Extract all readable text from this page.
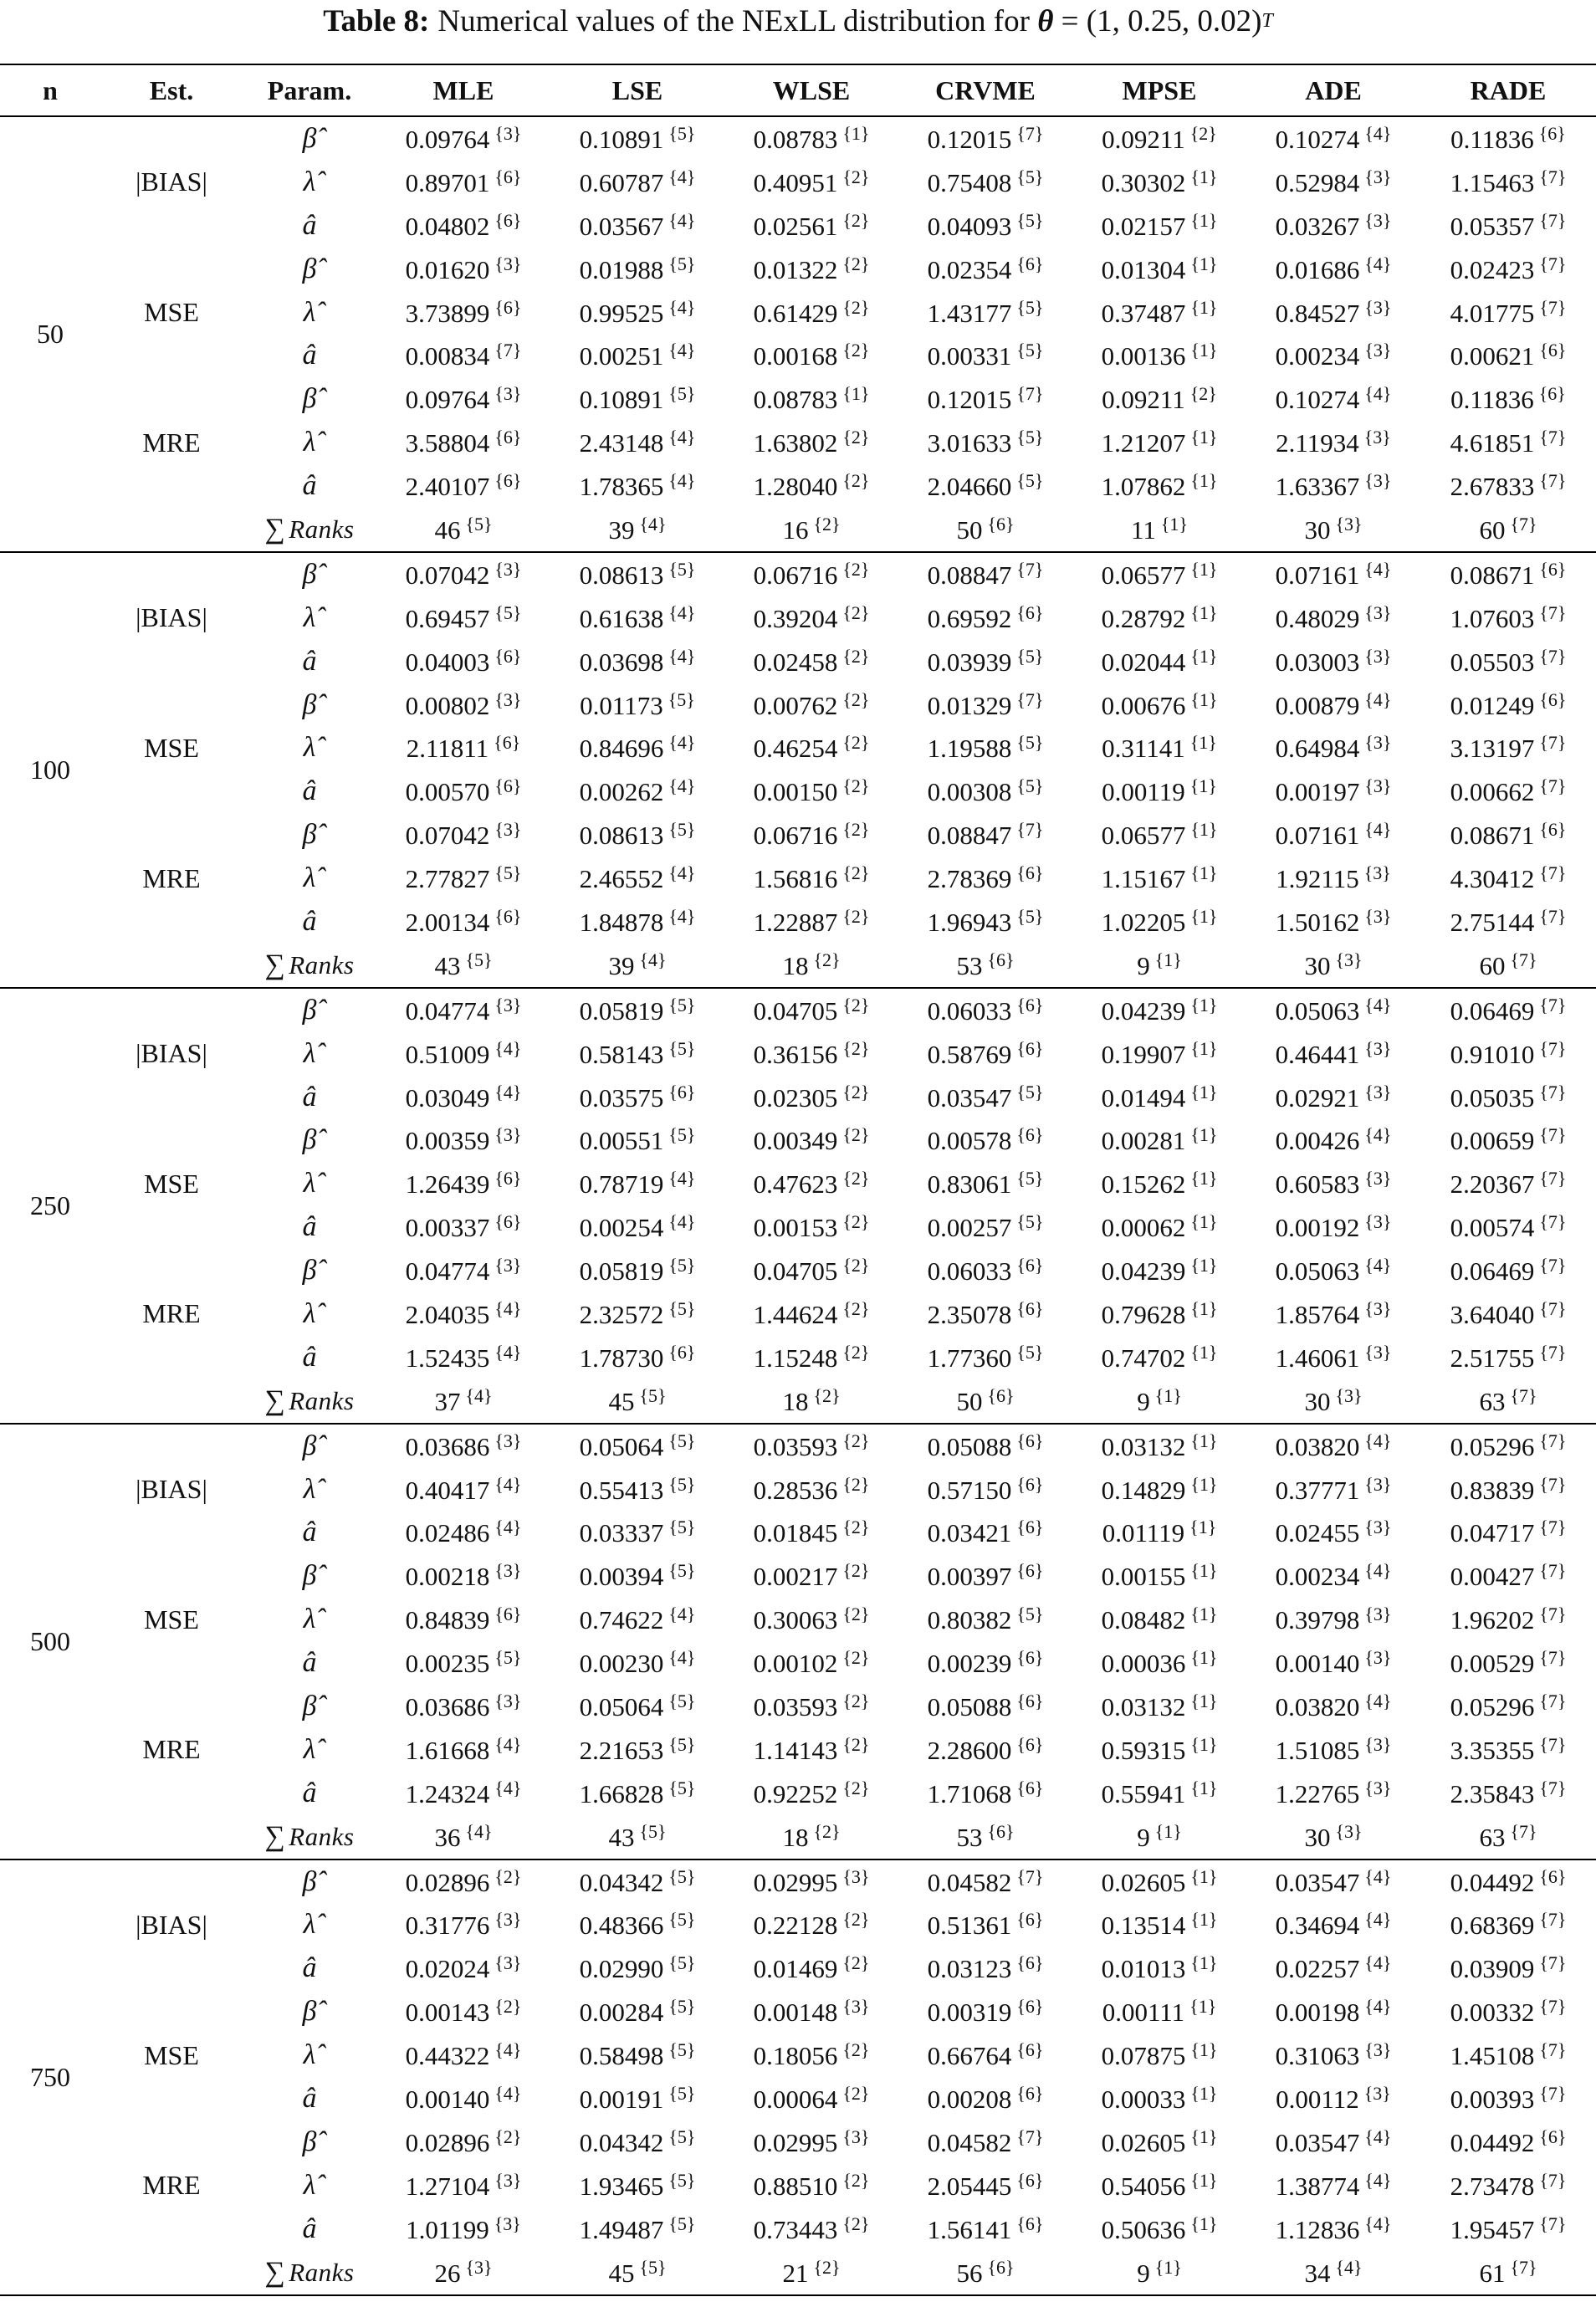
Table 8: Numerical values of the NExLL distribution for
θ
= (1, 0.25, 0.02) T
n	Est.	Param.	MLE	LSE	WLSE	CRVME	MPSE	ADE	RADE
50	|BIAS|	β̂	0.09764 $^{\{3\}}$	0.10891 $^{\{5\}}$	0.08783 $^{\{1\}}$	0.12015 $^{\{7\}}$	0.09211 $^{\{2\}}$	0.10274 $^{\{4\}}$	0.11836 $^{\{6\}}$
		λ̂	0.89701 $^{\{6\}}$	0.60787 $^{\{4\}}$	0.40951 $^{\{2\}}$	0.75408 $^{\{5\}}$	0.30302 $^{\{1\}}$	0.52984 $^{\{3\}}$	1.15463 $^{\{7\}}$
		â	0.04802 $^{\{6\}}$	0.03567 $^{\{4\}}$	0.02561 $^{\{2\}}$	0.04093 $^{\{5\}}$	0.02157 $^{\{1\}}$	0.03267 $^{\{3\}}$	0.05357 $^{\{7\}}$
	MSE	β̂	0.01620 $^{\{3\}}$	0.01988 $^{\{5\}}$	0.01322 $^{\{2\}}$	0.02354 $^{\{6\}}$	0.01304 $^{\{1\}}$	0.01686 $^{\{4\}}$	0.02423 $^{\{7\}}$
		λ̂	3.73899 $^{\{6\}}$	0.99525 $^{\{4\}}$	0.61429 $^{\{2\}}$	1.43177 $^{\{5\}}$	0.37487 $^{\{1\}}$	0.84527 $^{\{3\}}$	4.01775 $^{\{7\}}$
		â	0.00834 $^{\{7\}}$	0.00251 $^{\{4\}}$	0.00168 $^{\{2\}}$	0.00331 $^{\{5\}}$	0.00136 $^{\{1\}}$	0.00234 $^{\{3\}}$	0.00621 $^{\{6\}}$
	MRE	β̂	0.09764 $^{\{3\}}$	0.10891 $^{\{5\}}$	0.08783 $^{\{1\}}$	0.12015 $^{\{7\}}$	0.09211 $^{\{2\}}$	0.10274 $^{\{4\}}$	0.11836 $^{\{6\}}$
		λ̂	3.58804 $^{\{6\}}$	2.43148 $^{\{4\}}$	1.63802 $^{\{2\}}$	3.01633 $^{\{5\}}$	1.21207 $^{\{1\}}$	2.11934 $^{\{3\}}$	4.61851 $^{\{7\}}$
		â	2.40107 $^{\{6\}}$	1.78365 $^{\{4\}}$	1.28040 $^{\{2\}}$	2.04660 $^{\{5\}}$	1.07862 $^{\{1\}}$	1.63367 $^{\{3\}}$	2.67833 $^{\{7\}}$
		∑ Ranks	46 $^{\{5\}}$	39 $^{\{4\}}$	16 $^{\{2\}}$	50 $^{\{6\}}$	11 $^{\{1\}}$	30 $^{\{3\}}$	60 $^{\{7\}}$
100	|BIAS|	β̂	0.07042 $^{\{3\}}$	0.08613 $^{\{5\}}$	0.06716 $^{\{2\}}$	0.08847 $^{\{7\}}$	0.06577 $^{\{1\}}$	0.07161 $^{\{4\}}$	0.08671 $^{\{6\}}$
		λ̂	0.69457 $^{\{5\}}$	0.61638 $^{\{4\}}$	0.39204 $^{\{2\}}$	0.69592 $^{\{6\}}$	0.28792 $^{\{1\}}$	0.48029 $^{\{3\}}$	1.07603 $^{\{7\}}$
		â	0.04003 $^{\{6\}}$	0.03698 $^{\{4\}}$	0.02458 $^{\{2\}}$	0.03939 $^{\{5\}}$	0.02044 $^{\{1\}}$	0.03003 $^{\{3\}}$	0.05503 $^{\{7\}}$
	MSE	β̂	0.00802 $^{\{3\}}$	0.01173 $^{\{5\}}$	0.00762 $^{\{2\}}$	0.01329 $^{\{7\}}$	0.00676 $^{\{1\}}$	0.00879 $^{\{4\}}$	0.01249 $^{\{6\}}$
		λ̂	2.11811 $^{\{6\}}$	0.84696 $^{\{4\}}$	0.46254 $^{\{2\}}$	1.19588 $^{\{5\}}$	0.31141 $^{\{1\}}$	0.64984 $^{\{3\}}$	3.13197 $^{\{7\}}$
		â	0.00570 $^{\{6\}}$	0.00262 $^{\{4\}}$	0.00150 $^{\{2\}}$	0.00308 $^{\{5\}}$	0.00119 $^{\{1\}}$	0.00197 $^{\{3\}}$	0.00662 $^{\{7\}}$
	MRE	β̂	0.07042 $^{\{3\}}$	0.08613 $^{\{5\}}$	0.06716 $^{\{2\}}$	0.08847 $^{\{7\}}$	0.06577 $^{\{1\}}$	0.07161 $^{\{4\}}$	0.08671 $^{\{6\}}$
		λ̂	2.77827 $^{\{5\}}$	2.46552 $^{\{4\}}$	1.56816 $^{\{2\}}$	2.78369 $^{\{6\}}$	1.15167 $^{\{1\}}$	1.92115 $^{\{3\}}$	4.30412 $^{\{7\}}$
		â	2.00134 $^{\{6\}}$	1.84878 $^{\{4\}}$	1.22887 $^{\{2\}}$	1.96943 $^{\{5\}}$	1.02205 $^{\{1\}}$	1.50162 $^{\{3\}}$	2.75144 $^{\{7\}}$
		∑ Ranks	43 $^{\{5\}}$	39 $^{\{4\}}$	18 $^{\{2\}}$	53 $^{\{6\}}$	9 $^{\{1\}}$	30 $^{\{3\}}$	60 $^{\{7\}}$
250	|BIAS|	β̂	0.04774 $^{\{3\}}$	0.05819 $^{\{5\}}$	0.04705 $^{\{2\}}$	0.06033 $^{\{6\}}$	0.04239 $^{\{1\}}$	0.05063 $^{\{4\}}$	0.06469 $^{\{7\}}$
		λ̂	0.51009 $^{\{4\}}$	0.58143 $^{\{5\}}$	0.36156 $^{\{2\}}$	0.58769 $^{\{6\}}$	0.19907 $^{\{1\}}$	0.46441 $^{\{3\}}$	0.91010 $^{\{7\}}$
		â	0.03049 $^{\{4\}}$	0.03575 $^{\{6\}}$	0.02305 $^{\{2\}}$	0.03547 $^{\{5\}}$	0.01494 $^{\{1\}}$	0.02921 $^{\{3\}}$	0.05035 $^{\{7\}}$
	MSE	β̂	0.00359 $^{\{3\}}$	0.00551 $^{\{5\}}$	0.00349 $^{\{2\}}$	0.00578 $^{\{6\}}$	0.00281 $^{\{1\}}$	0.00426 $^{\{4\}}$	0.00659 $^{\{7\}}$
		λ̂	1.26439 $^{\{6\}}$	0.78719 $^{\{4\}}$	0.47623 $^{\{2\}}$	0.83061 $^{\{5\}}$	0.15262 $^{\{1\}}$	0.60583 $^{\{3\}}$	2.20367 $^{\{7\}}$
		â	0.00337 $^{\{6\}}$	0.00254 $^{\{4\}}$	0.00153 $^{\{2\}}$	0.00257 $^{\{5\}}$	0.00062 $^{\{1\}}$	0.00192 $^{\{3\}}$	0.00574 $^{\{7\}}$
	MRE	β̂	0.04774 $^{\{3\}}$	0.05819 $^{\{5\}}$	0.04705 $^{\{2\}}$	0.06033 $^{\{6\}}$	0.04239 $^{\{1\}}$	0.05063 $^{\{4\}}$	0.06469 $^{\{7\}}$
		λ̂	2.04035 $^{\{4\}}$	2.32572 $^{\{5\}}$	1.44624 $^{\{2\}}$	2.35078 $^{\{6\}}$	0.79628 $^{\{1\}}$	1.85764 $^{\{3\}}$	3.64040 $^{\{7\}}$
		â	1.52435 $^{\{4\}}$	1.78730 $^{\{6\}}$	1.15248 $^{\{2\}}$	1.77360 $^{\{5\}}$	0.74702 $^{\{1\}}$	1.46061 $^{\{3\}}$	2.51755 $^{\{7\}}$
		∑ Ranks	37 $^{\{4\}}$	45 $^{\{5\}}$	18 $^{\{2\}}$	50 $^{\{6\}}$	9 $^{\{1\}}$	30 $^{\{3\}}$	63 $^{\{7\}}$
500	|BIAS|	β̂	0.03686 $^{\{3\}}$	0.05064 $^{\{5\}}$	0.03593 $^{\{2\}}$	0.05088 $^{\{6\}}$	0.03132 $^{\{1\}}$	0.03820 $^{\{4\}}$	0.05296 $^{\{7\}}$
		λ̂	0.40417 $^{\{4\}}$	0.55413 $^{\{5\}}$	0.28536 $^{\{2\}}$	0.57150 $^{\{6\}}$	0.14829 $^{\{1\}}$	0.37771 $^{\{3\}}$	0.83839 $^{\{7\}}$
		â	0.02486 $^{\{4\}}$	0.03337 $^{\{5\}}$	0.01845 $^{\{2\}}$	0.03421 $^{\{6\}}$	0.01119 $^{\{1\}}$	0.02455 $^{\{3\}}$	0.04717 $^{\{7\}}$
	MSE	β̂	0.00218 $^{\{3\}}$	0.00394 $^{\{5\}}$	0.00217 $^{\{2\}}$	0.00397 $^{\{6\}}$	0.00155 $^{\{1\}}$	0.00234 $^{\{4\}}$	0.00427 $^{\{7\}}$
		λ̂	0.84839 $^{\{6\}}$	0.74622 $^{\{4\}}$	0.30063 $^{\{2\}}$	0.80382 $^{\{5\}}$	0.08482 $^{\{1\}}$	0.39798 $^{\{3\}}$	1.96202 $^{\{7\}}$
		â	0.00235 $^{\{5\}}$	0.00230 $^{\{4\}}$	0.00102 $^{\{2\}}$	0.00239 $^{\{6\}}$	0.00036 $^{\{1\}}$	0.00140 $^{\{3\}}$	0.00529 $^{\{7\}}$
	MRE	β̂	0.03686 $^{\{3\}}$	0.05064 $^{\{5\}}$	0.03593 $^{\{2\}}$	0.05088 $^{\{6\}}$	0.03132 $^{\{1\}}$	0.03820 $^{\{4\}}$	0.05296 $^{\{7\}}$
		λ̂	1.61668 $^{\{4\}}$	2.21653 $^{\{5\}}$	1.14143 $^{\{2\}}$	2.28600 $^{\{6\}}$	0.59315 $^{\{1\}}$	1.51085 $^{\{3\}}$	3.35355 $^{\{7\}}$
		â	1.24324 $^{\{4\}}$	1.66828 $^{\{5\}}$	0.92252 $^{\{2\}}$	1.71068 $^{\{6\}}$	0.55941 $^{\{1\}}$	1.22765 $^{\{3\}}$	2.35843 $^{\{7\}}$
		∑ Ranks	36 $^{\{4\}}$	43 $^{\{5\}}$	18 $^{\{2\}}$	53 $^{\{6\}}$	9 $^{\{1\}}$	30 $^{\{3\}}$	63 $^{\{7\}}$
750	|BIAS|	β̂	0.02896 $^{\{2\}}$	0.04342 $^{\{5\}}$	0.02995 $^{\{3\}}$	0.04582 $^{\{7\}}$	0.02605 $^{\{1\}}$	0.03547 $^{\{4\}}$	0.04492 $^{\{6\}}$
		λ̂	0.31776 $^{\{3\}}$	0.48366 $^{\{5\}}$	0.22128 $^{\{2\}}$	0.51361 $^{\{6\}}$	0.13514 $^{\{1\}}$	0.34694 $^{\{4\}}$	0.68369 $^{\{7\}}$
		â	0.02024 $^{\{3\}}$	0.02990 $^{\{5\}}$	0.01469 $^{\{2\}}$	0.03123 $^{\{6\}}$	0.01013 $^{\{1\}}$	0.02257 $^{\{4\}}$	0.03909 $^{\{7\}}$
	MSE	β̂	0.00143 $^{\{2\}}$	0.00284 $^{\{5\}}$	0.00148 $^{\{3\}}$	0.00319 $^{\{6\}}$	0.00111 $^{\{1\}}$	0.00198 $^{\{4\}}$	0.00332 $^{\{7\}}$
		λ̂	0.44322 $^{\{4\}}$	0.58498 $^{\{5\}}$	0.18056 $^{\{2\}}$	0.66764 $^{\{6\}}$	0.07875 $^{\{1\}}$	0.31063 $^{\{3\}}$	1.45108 $^{\{7\}}$
		â	0.00140 $^{\{4\}}$	0.00191 $^{\{5\}}$	0.00064 $^{\{2\}}$	0.00208 $^{\{6\}}$	0.00033 $^{\{1\}}$	0.00112 $^{\{3\}}$	0.00393 $^{\{7\}}$
	MRE	β̂	0.02896 $^{\{2\}}$	0.04342 $^{\{5\}}$	0.02995 $^{\{3\}}$	0.04582 $^{\{7\}}$	0.02605 $^{\{1\}}$	0.03547 $^{\{4\}}$	0.04492 $^{\{6\}}$
		λ̂	1.27104 $^{\{3\}}$	1.93465 $^{\{5\}}$	0.88510 $^{\{2\}}$	2.05445 $^{\{6\}}$	0.54056 $^{\{1\}}$	1.38774 $^{\{4\}}$	2.73478 $^{\{7\}}$
		â	1.01199 $^{\{3\}}$	1.49487 $^{\{5\}}$	0.73443 $^{\{2\}}$	1.56141 $^{\{6\}}$	0.50636 $^{\{1\}}$	1.12836 $^{\{4\}}$	1.95457 $^{\{7\}}$
		∑ Ranks	26 $^{\{3\}}$	45 $^{\{5\}}$	21 $^{\{2\}}$	56 $^{\{6\}}$	9 $^{\{1\}}$	34 $^{\{4\}}$	61 $^{\{7\}}$
